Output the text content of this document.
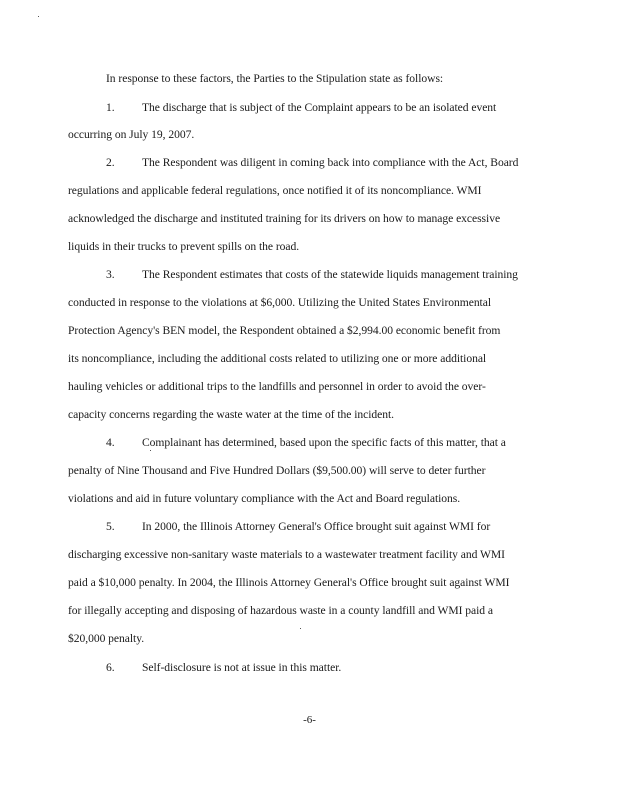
In response to these factors, the Parties to the Stipulation state as follows:
1. The discharge that is subject of the Complaint appears to be an isolated event
occurring on July 19, 2007.
2. The Respondent was diligent in coming back into compliance with the Act, Board
regulations and applicable federal regulations, once notified it of its noncompliance. WMI
acknowledged the discharge and instituted training for its drivers on how to manage excessive
liquids in their trucks to prevent spills on the road.
3. The Respondent estimates that costs of the statewide liquids management training
conducted in response to the violations at $6,000. Utilizing the United States Environmental
Protection Agency's BEN model, the Respondent obtained a $2,994.00 economic benefit from
its noncompliance, including the additional costs related to utilizing one or more additional
hauling vehicles or additional trips to the landfills and personnel in order to avoid the over-
capacity concerns regarding the waste water at the time of the incident.
4. Complainant has determined, based upon the specific facts of this matter, that a
penalty of Nine Thousand and Five Hundred Dollars ($9,500.00) will serve to deter further
violations and aid in future voluntary compliance with the Act and Board regulations.
5. In 2000, the Illinois Attorney General's Office brought suit against WMI for
discharging excessive non-sanitary waste materials to a wastewater treatment facility and WMI
paid a $10,000 penalty. In 2004, the Illinois Attorney General's Office brought suit against WMI
for illegally accepting and disposing of hazardous waste in a county landfill and WMI paid a
$20,000 penalty.
6. Self-disclosure is not at issue in this matter.
-6-
